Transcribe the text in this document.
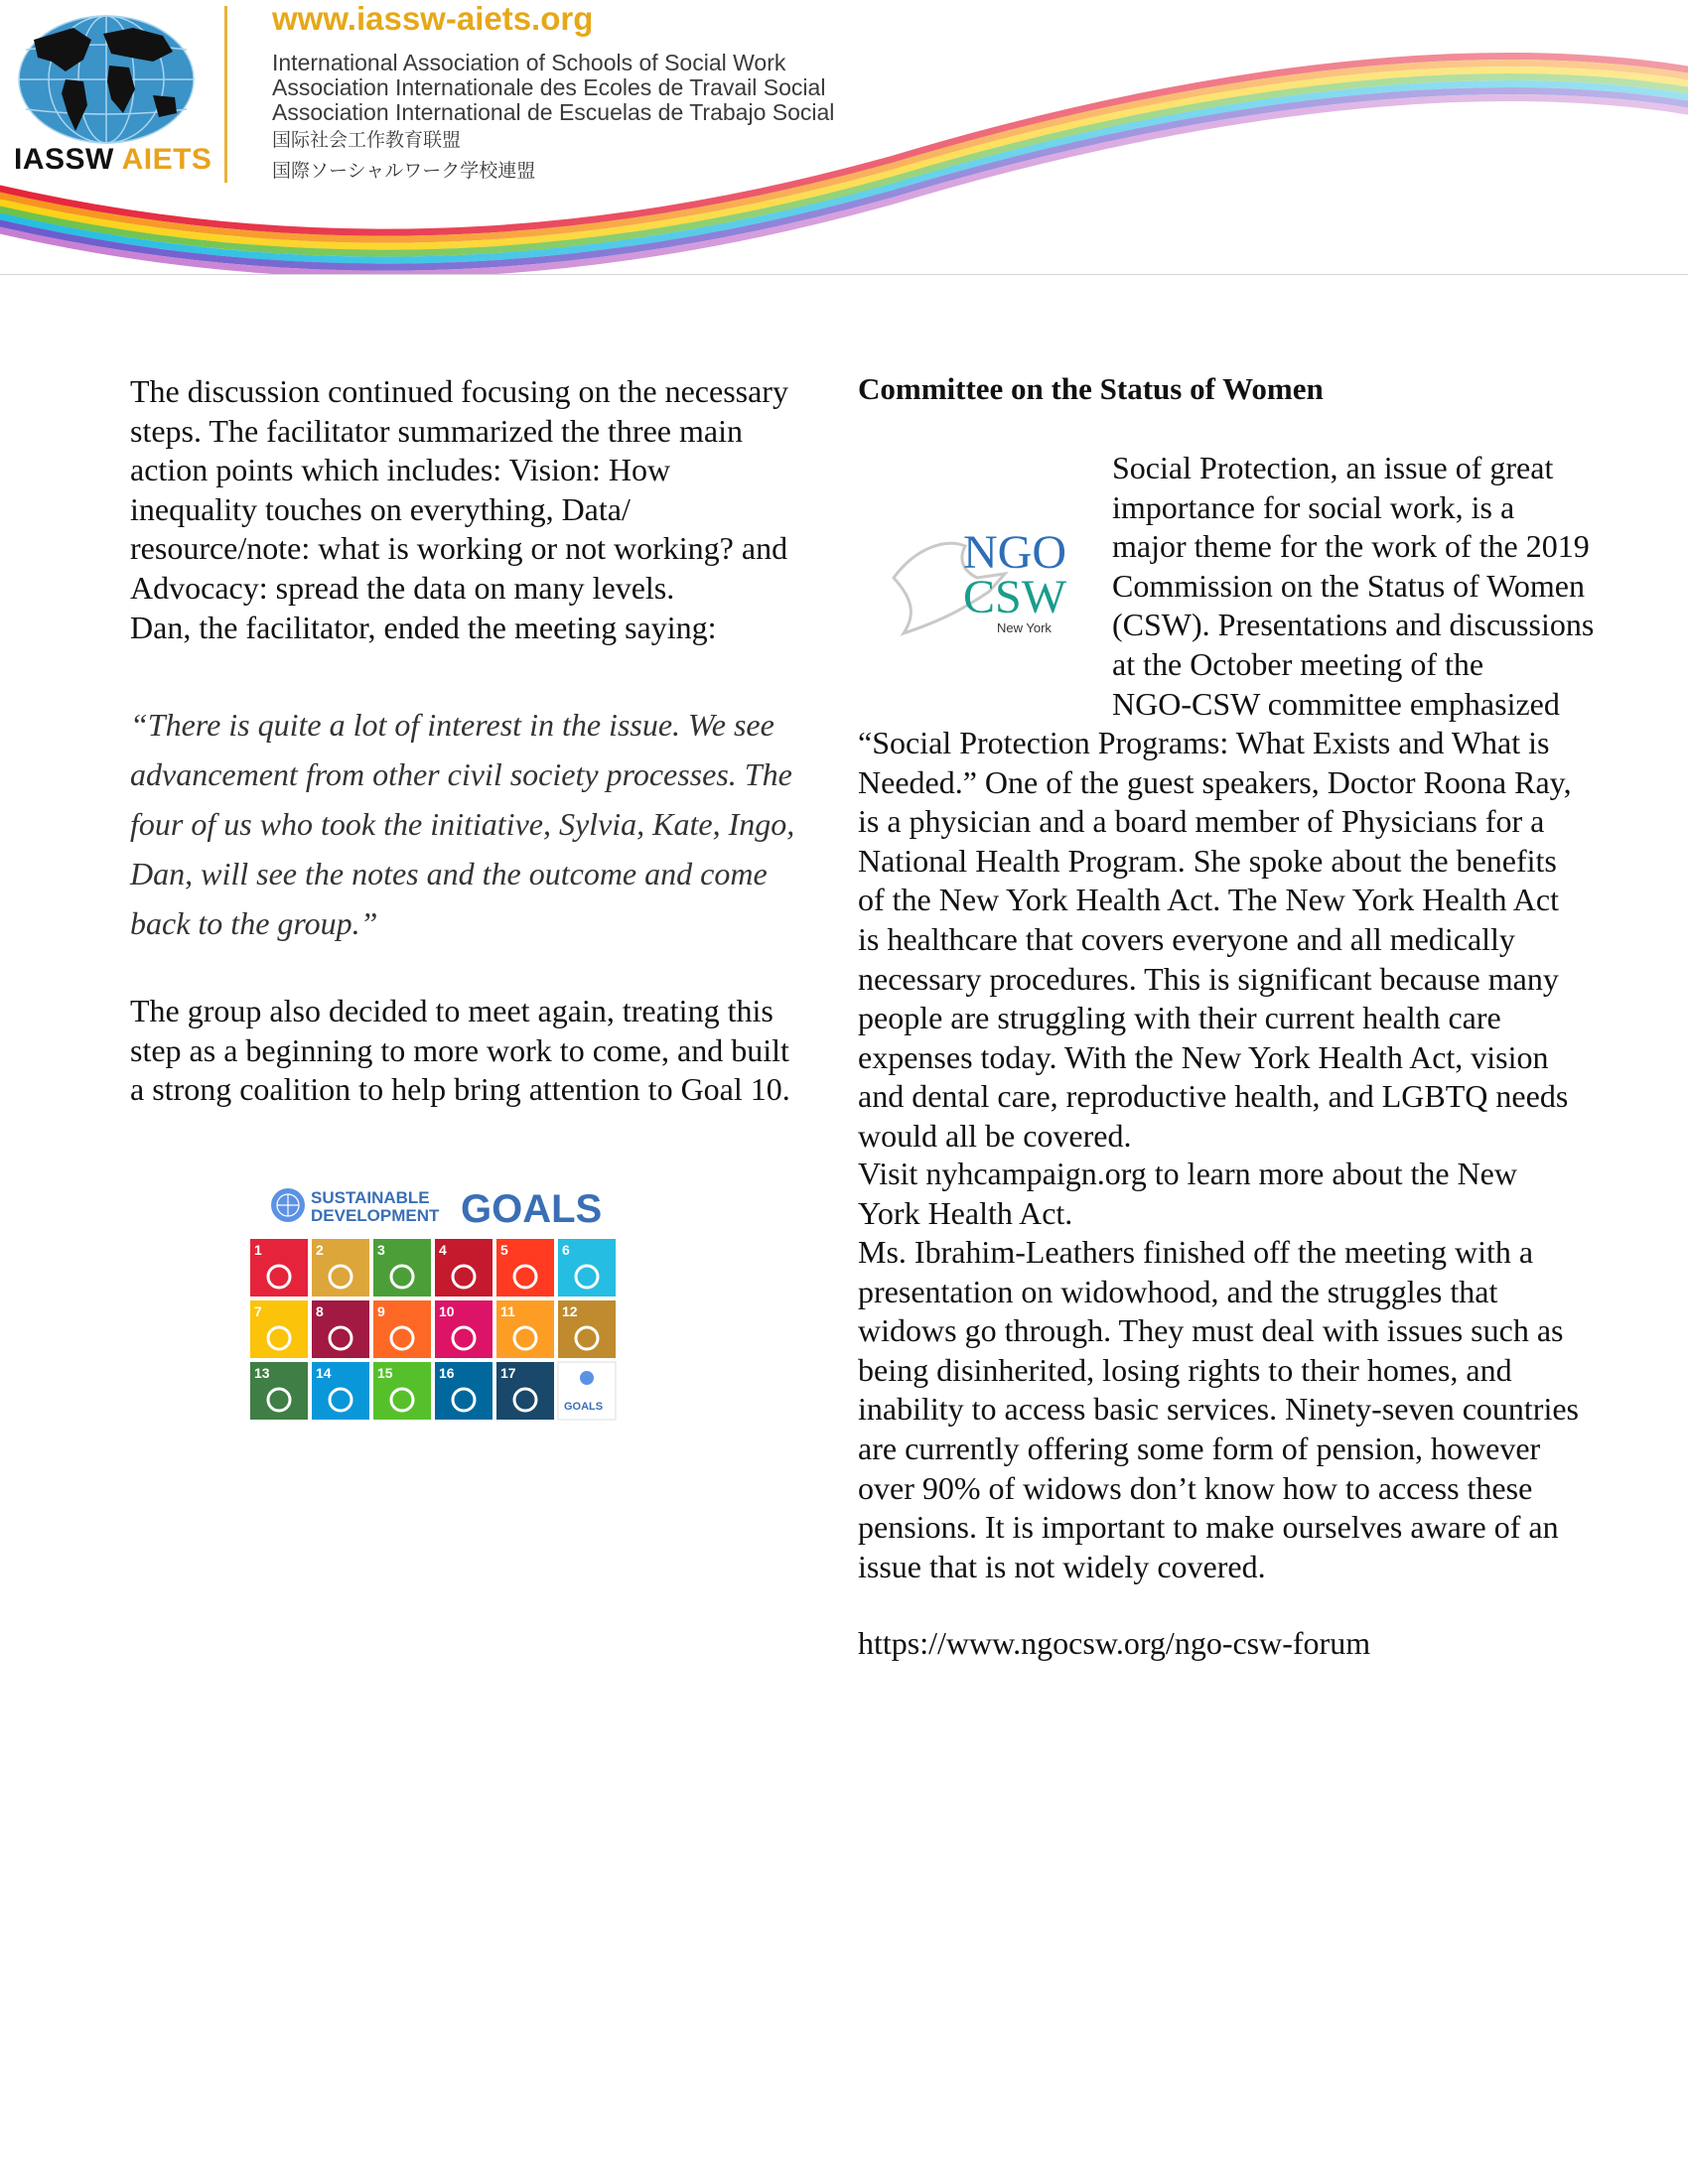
IASSW AIETS
www.iassw-aiets.org
International Association of Schools of Social Work
Association Internationale des Ecoles de Travail Social
Association International de Escuelas de Trabajo Social
国际社会工作教育联盟
国際ソーシャルワーク学校連盟

The discussion continued focusing on the necessary
steps. The facilitator summarized the three main
action points which includes: Vision: How
inequality touches on everything, Data/
resource/note: what is working or not working? and
Advocacy: spread the data on many levels.
Dan, the facilitator, ended the meeting saying:

“There is quite a lot of interest in the issue. We see
advancement from other civil society processes. The
four of us who took the initiative, Sylvia, Kate, Ingo,
Dan, will see the notes and the outcome and come
back to the group.”

The group also decided to meet again, treating this
step as a beginning to more work to come, and built
a strong coalition to help bring attention to Goal 10.

SUSTAINABLE
DEVELOPMENT GOALS
1	2	3	4	5	6
7	8	9	10	11	12
13	14	15	16	17
GOALS
Committee on the Status of Women
NGO
CSW
New York

Social Protection, an issue of great
importance for social work, is a
major theme for the work of the 2019
Commission on the Status of Women
(CSW). Presentations and discussions
at the October meeting of the
NGO-CSW committee emphasized

“Social Protection Programs: What Exists and What is
Needed.” One of the guest speakers, Doctor Roona Ray,
is a physician and a board member of Physicians for a
National Health Program. She spoke about the benefits
of the New York Health Act. The New York Health Act
is healthcare that covers everyone and all medically
necessary procedures. This is significant because many
people are struggling with their current health care
expenses today. With the New York Health Act, vision
and dental care, reproductive health, and LGBTQ needs
would all be covered.

Visit nyhcampaign.org to learn more about the New
York Health Act.

Ms. Ibrahim-Leathers finished off the meeting with a
presentation on widowhood, and the struggles that
widows go through. They must deal with issues such as
being disinherited, losing rights to their homes, and
inability to access basic services. Ninety-seven countries
are currently offering some form of pension, however
over 90% of widows don’t know how to access these
pensions. It is important to make ourselves aware of an
issue that is not widely covered.

https://www.ngocsw.org/ngo-csw-forum
